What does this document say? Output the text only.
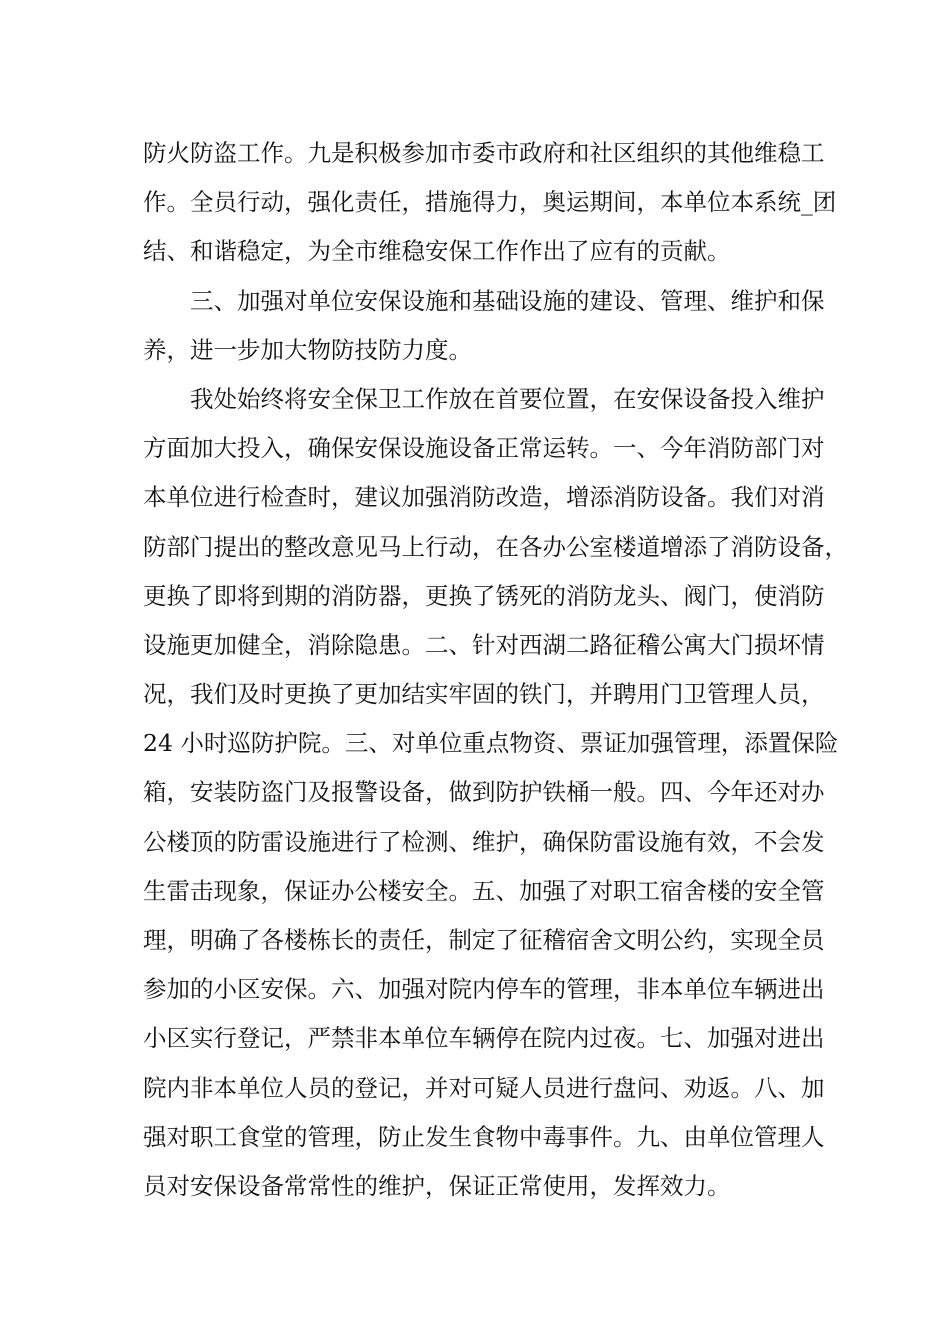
防火防盗工作。九是积极参加市委市政府和社区组织的其他维稳工
作。全员行动，强化责任，措施得力，奥运期间，本单位本系统_团
结、和谐稳定，为全市维稳安保工作作出了应有的贡献。
三、加强对单位安保设施和基础设施的建设、管理、维护和保
养，进一步加大物防技防力度。
我处始终将安全保卫工作放在首要位置，在安保设备投入维护
方面加大投入，确保安保设施设备正常运转。一、今年消防部门对
本单位进行检查时，建议加强消防改造，增添消防设备。我们对消
防部门提出的整改意见马上行动，在各办公室楼道增添了消防设备，
更换了即将到期的消防器，更换了锈死的消防龙头、阀门，使消防
设施更加健全，消除隐患。二、针对西湖二路征稽公寓大门损坏情
况，我们及时更换了更加结实牢固的铁门，并聘用门卫管理人员，
24 小时巡防护院。三、对单位重点物资、票证加强管理，添置保险
箱，安装防盗门及报警设备，做到防护铁桶一般。四、今年还对办
公楼顶的防雷设施进行了检测、维护，确保防雷设施有效，不会发
生雷击现象，保证办公楼安全。五、加强了对职工宿舍楼的安全管
理，明确了各楼栋长的责任，制定了征稽宿舍文明公约，实现全员
参加的小区安保。六、加强对院内停车的管理，非本单位车辆进出
小区实行登记，严禁非本单位车辆停在院内过夜。七、加强对进出
院内非本单位人员的登记，并对可疑人员进行盘问、劝返。八、加
强对职工食堂的管理，防止发生食物中毒事件。九、由单位管理人
员对安保设备常常性的维护，保证正常使用，发挥效力。
